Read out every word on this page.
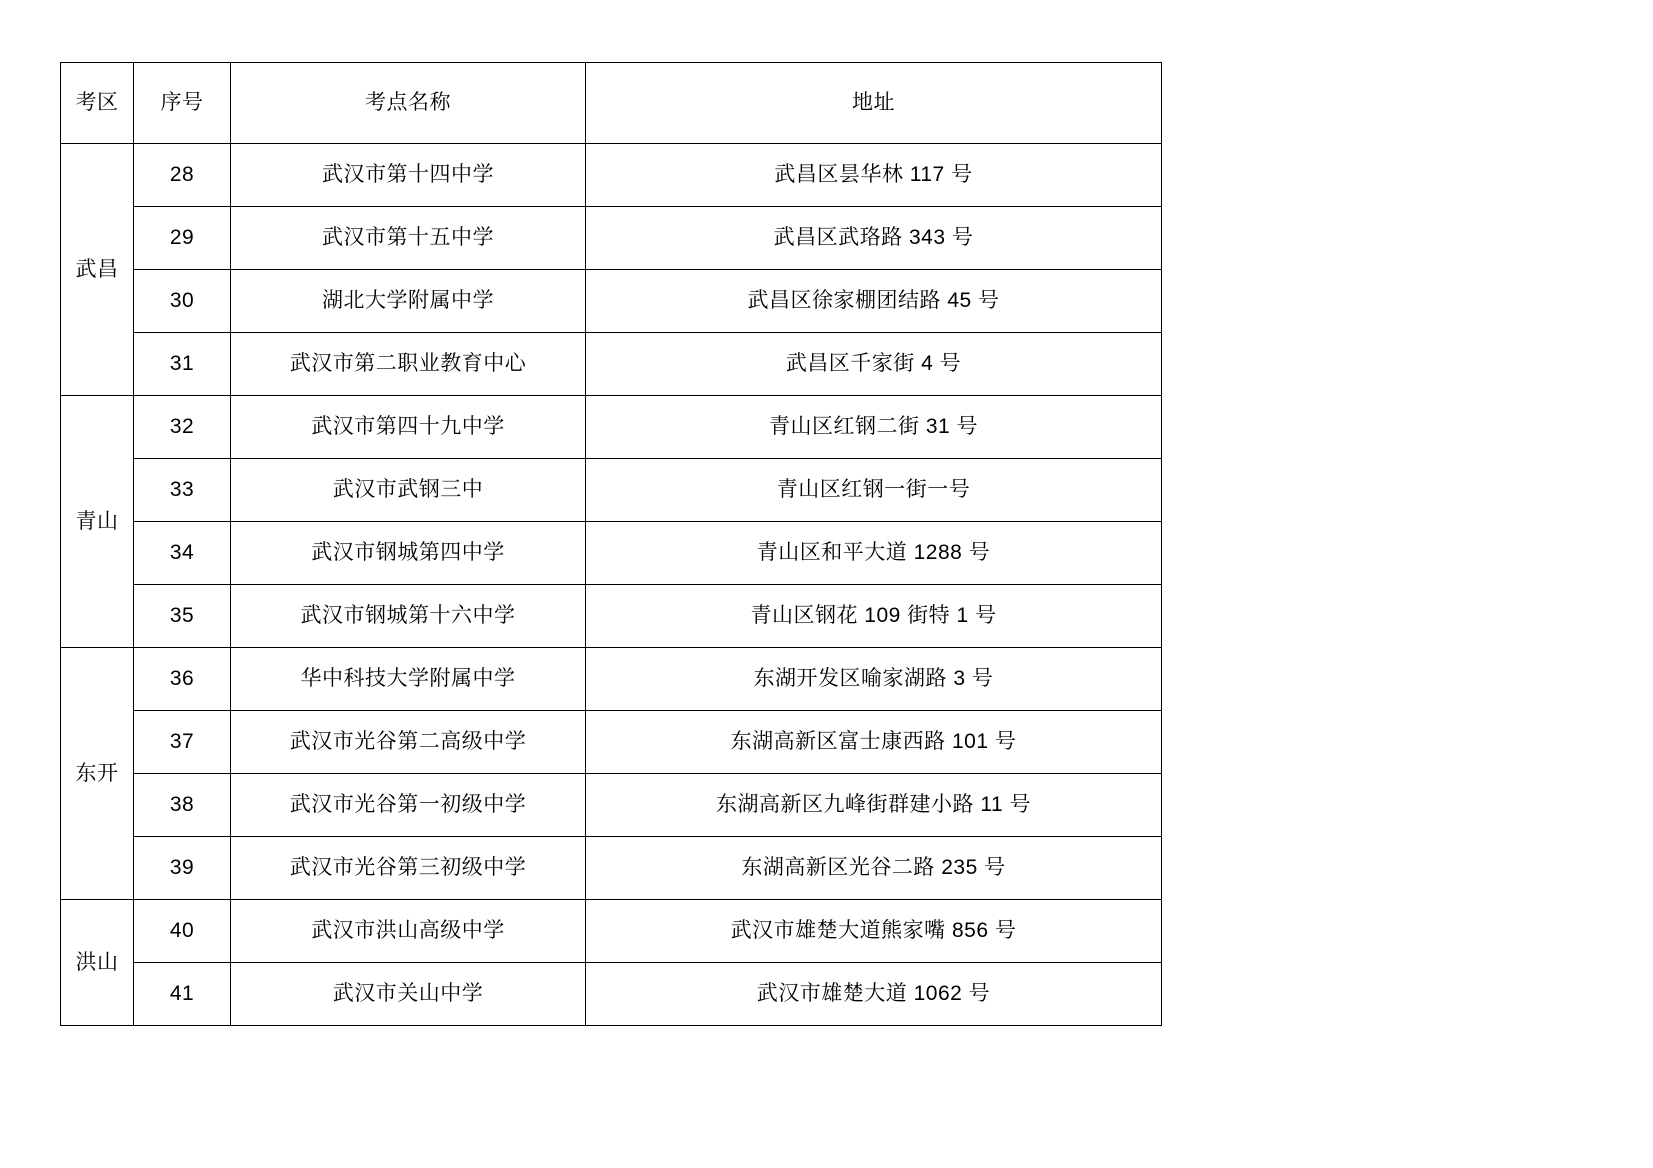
考区	序号	考点名称	地址
武昌	28	武汉市第十四中学	武昌区昙华林 117 号
	29	武汉市第十五中学	武昌区武珞路 343 号
	30	湖北大学附属中学	武昌区徐家棚团结路 45 号
	31	武汉市第二职业教育中心	武昌区千家街 4 号
青山	32	武汉市第四十九中学	青山区红钢二街 31 号
	33	武汉市武钢三中	青山区红钢一街一号
	34	武汉市钢城第四中学	青山区和平大道 1288 号
	35	武汉市钢城第十六中学	青山区钢花 109 街特 1 号
东开	36	华中科技大学附属中学	东湖开发区喻家湖路 3 号
	37	武汉市光谷第二高级中学	东湖高新区富士康西路 101 号
	38	武汉市光谷第一初级中学	东湖高新区九峰街群建小路 11 号
	39	武汉市光谷第三初级中学	东湖高新区光谷二路 235 号
洪山	40	武汉市洪山高级中学	武汉市雄楚大道熊家嘴 856 号
	41	武汉市关山中学	武汉市雄楚大道 1062 号
